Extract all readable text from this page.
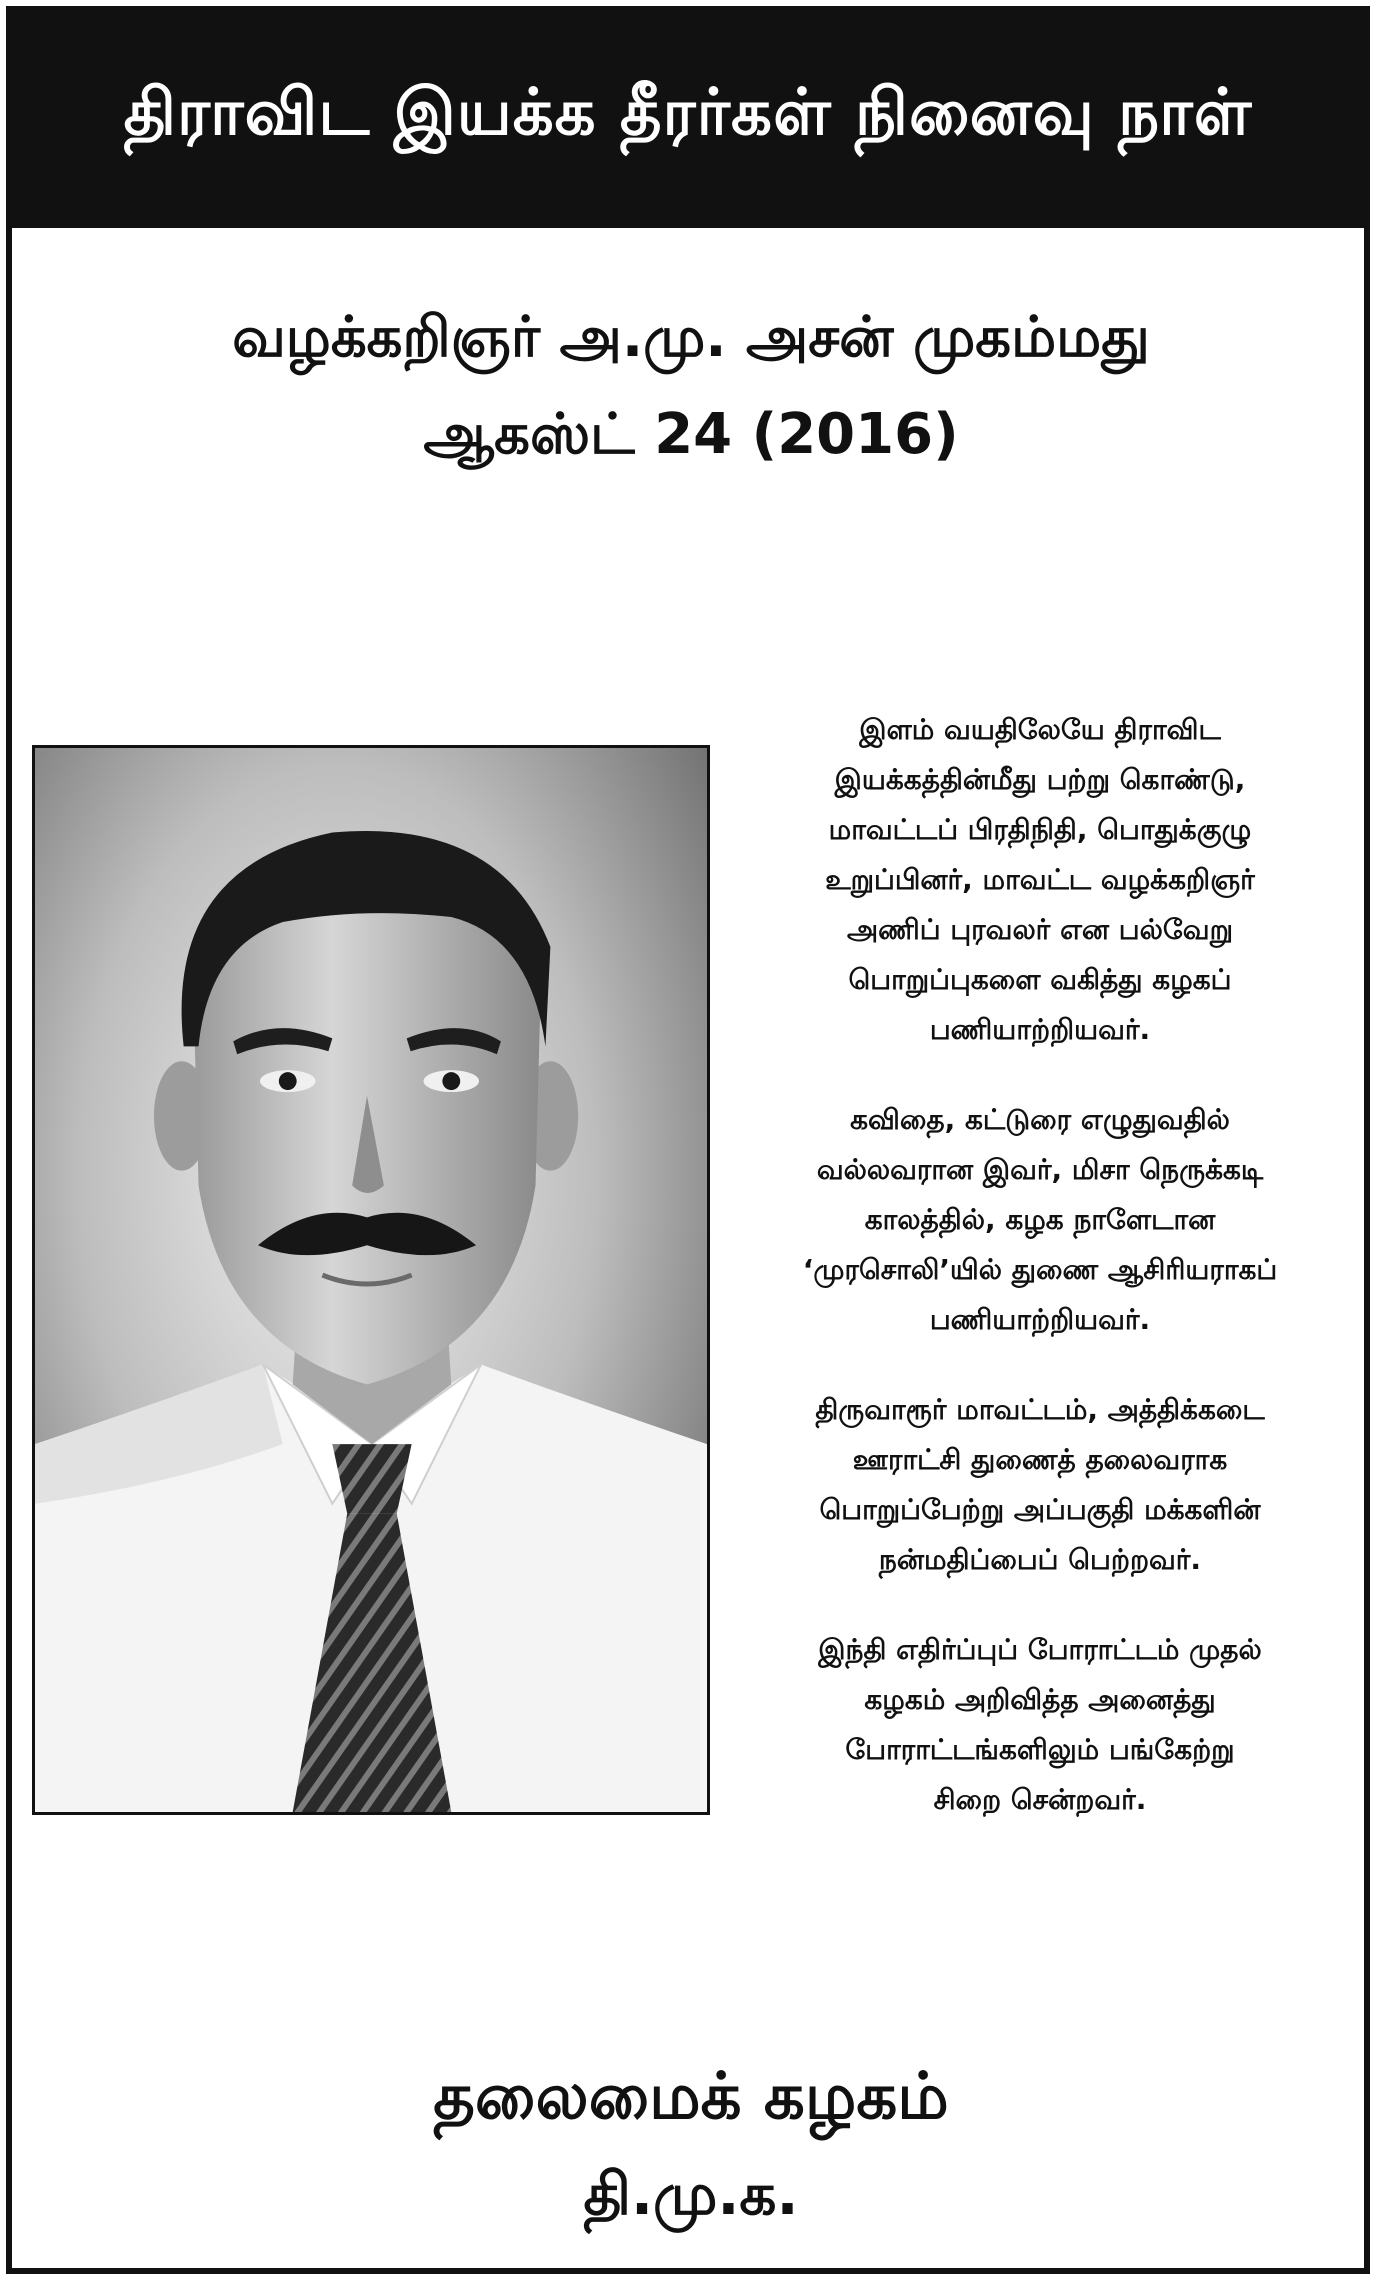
திராவிட இயக்க தீரர்கள் நினைவு நாள்
வழக்கறிஞர் அ.மு. அசன் முகம்மது
ஆகஸ்ட் 24 (2016)

இளம் வயதிலேயே திராவிட
இயக்கத்தின்மீது பற்று கொண்டு,
மாவட்டப் பிரதிநிதி, பொதுக்குழு
உறுப்பினர், மாவட்ட வழக்கறிஞர்
அணிப் புரவலர் என பல்வேறு
பொறுப்புகளை வகித்து கழகப்
பணியாற்றியவர்.

கவிதை, கட்டுரை எழுதுவதில்
வல்லவரான இவர், மிசா நெருக்கடி
காலத்தில், கழக நாளேடான
‘முரசொலி’யில் துணை ஆசிரியராகப்
பணியாற்றியவர்.

திருவாரூர் மாவட்டம், அத்திக்கடை
ஊராட்சி துணைத் தலைவராக
பொறுப்பேற்று அப்பகுதி மக்களின்
நன்மதிப்பைப் பெற்றவர்.

இந்தி எதிர்ப்புப் போராட்டம் முதல்
கழகம் அறிவித்த அனைத்து
போராட்டங்களிலும் பங்கேற்று
சிறை சென்றவர்.

தலைமைக் கழகம்
தி.மு.க.
